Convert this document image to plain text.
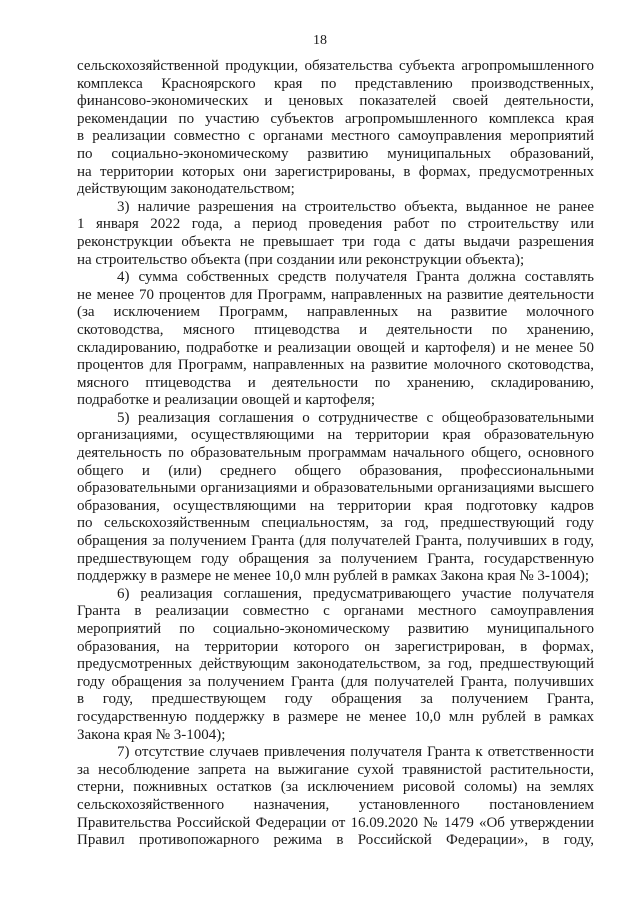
18
сельскохозяйственной продукции, обязательства субъекта агропромышленного
комплекса Красноярского края по представлению производственных,
финансово-экономических и ценовых показателей своей деятельности,
рекомендации по участию субъектов агропромышленного комплекса края
в реализации совместно с органами местного самоуправления мероприятий
по социально-экономическому развитию муниципальных образований,
на территории которых они зарегистрированы, в формах, предусмотренных
действующим законодательством;
3) наличие разрешения на строительство объекта, выданное не ранее
1 января 2022 года, а период проведения работ по строительству или
реконструкции объекта не превышает три года с даты выдачи разрешения
на строительство объекта (при создании или реконструкции объекта);
4) сумма собственных средств получателя Гранта должна составлять
не менее 70 процентов для Программ, направленных на развитие деятельности
(за исключением Программ, направленных на развитие молочного
скотоводства, мясного птицеводства и деятельности по хранению,
складированию, подработке и реализации овощей и картофеля) и не менее 50
процентов для Программ, направленных на развитие молочного скотоводства,
мясного птицеводства и деятельности по хранению, складированию,
подработке и реализации овощей и картофеля;
5) реализация соглашения о сотрудничестве с общеобразовательными
организациями, осуществляющими на территории края образовательную
деятельность по образовательным программам начального общего, основного
общего и (или) среднего общего образования, профессиональными
образовательными организациями и образовательными организациями высшего
образования, осуществляющими на территории края подготовку кадров
по сельскохозяйственным специальностям, за год, предшествующий году
обращения за получением Гранта (для получателей Гранта, получивших в году,
предшествующем году обращения за получением Гранта, государственную
поддержку в размере не менее 10,0 млн рублей в рамках Закона края № 3-1004);
6) реализация соглашения, предусматривающего участие получателя
Гранта в реализации совместно с органами местного самоуправления
мероприятий по социально-экономическому развитию муниципального
образования, на территории которого он зарегистрирован, в формах,
предусмотренных действующим законодательством, за год, предшествующий
году обращения за получением Гранта (для получателей Гранта, получивших
в году, предшествующем году обращения за получением Гранта,
государственную поддержку в размере не менее 10,0 млн рублей в рамках
Закона края № 3-1004);
7) отсутствие случаев привлечения получателя Гранта к ответственности
за несоблюдение запрета на выжигание сухой травянистой растительности,
стерни, пожнивных остатков (за исключением рисовой соломы) на землях
сельскохозяйственного назначения, установленного постановлением
Правительства Российской Федерации от 16.09.2020 № 1479 «Об утверждении
Правил противопожарного режима в Российской Федерации», в году,
